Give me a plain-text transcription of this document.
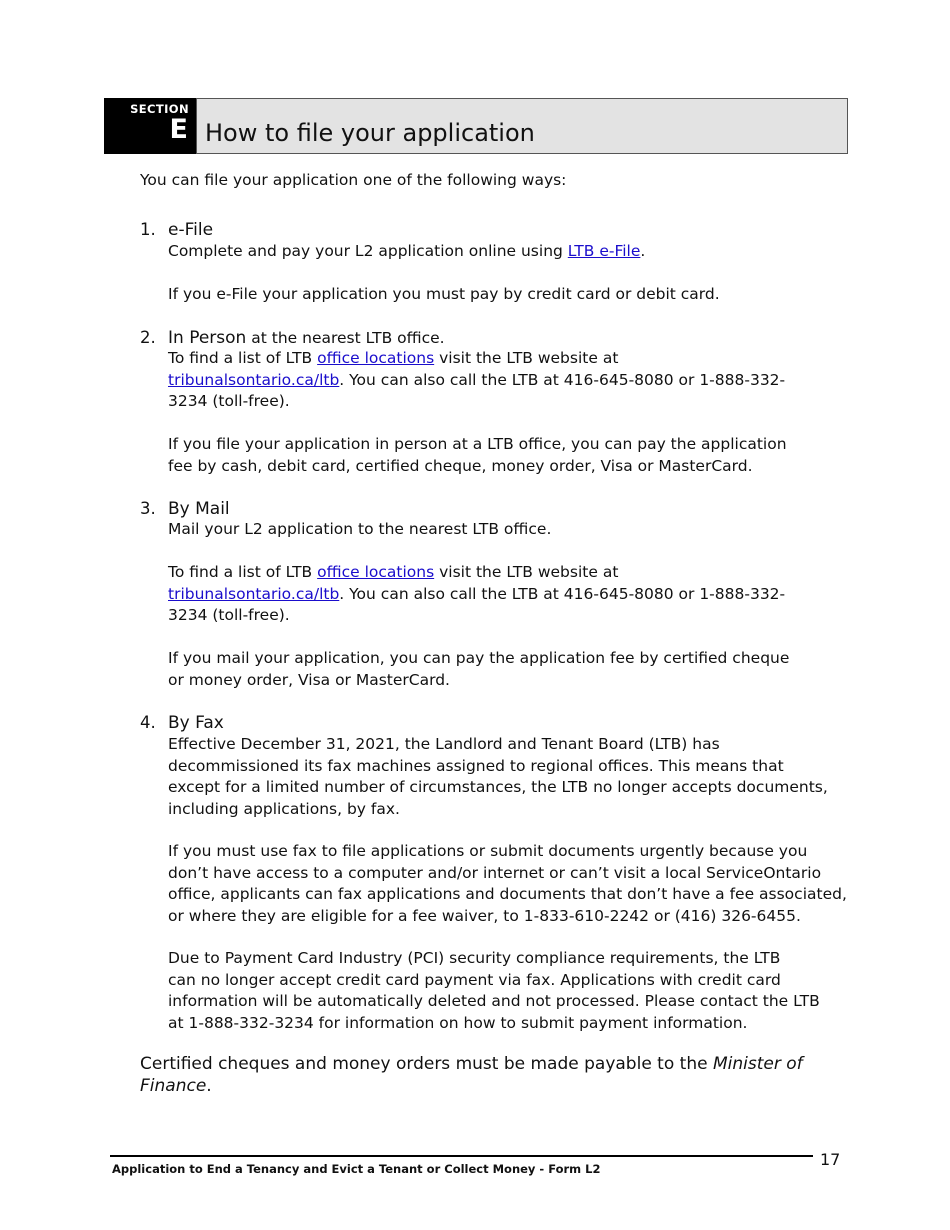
SECTION
E How to file your application
You can file your application one of the following ways:
1. e-File
Complete and pay your L2 application online using LTB e-File.
If you e-File your application you must pay by credit card or debit card.
2. In Person at the nearest LTB office.
To find a list of LTB office locations visit the LTB website at
tribunalsontario.ca/ltb. You can also call the LTB at 416-645-8080 or 1-888-332-
3234 (toll-free).
If you file your application in person at a LTB office, you can pay the application
fee by cash, debit card, certified cheque, money order, Visa or MasterCard.
3. By Mail
Mail your L2 application to the nearest LTB office.
To find a list of LTB office locations visit the LTB website at
tribunalsontario.ca/ltb. You can also call the LTB at 416-645-8080 or 1-888-332-
3234 (toll-free).
If you mail your application, you can pay the application fee by certified cheque
or money order, Visa or MasterCard.
4. By Fax
Effective December 31, 2021, the Landlord and Tenant Board (LTB) has
decommissioned its fax machines assigned to regional offices. This means that
except for a limited number of circumstances, the LTB no longer accepts documents,
including applications, by fax.
If you must use fax to file applications or submit documents urgently because you
don’t have access to a computer and/or internet or can’t visit a local ServiceOntario
office, applicants can fax applications and documents that don’t have a fee associated,
or where they are eligible for a fee waiver, to 1-833-610-2242 or (416) 326-6455.
Due to Payment Card Industry (PCI) security compliance requirements, the LTB
can no longer accept credit card payment via fax. Applications with credit card
information will be automatically deleted and not processed. Please contact the LTB
at 1-888-332-3234 for information on how to submit payment information.
Certified cheques and money orders must be made payable to the Minister of
Finance.
Application to End a Tenancy and Evict a Tenant or Collect Money - Form L2	17
